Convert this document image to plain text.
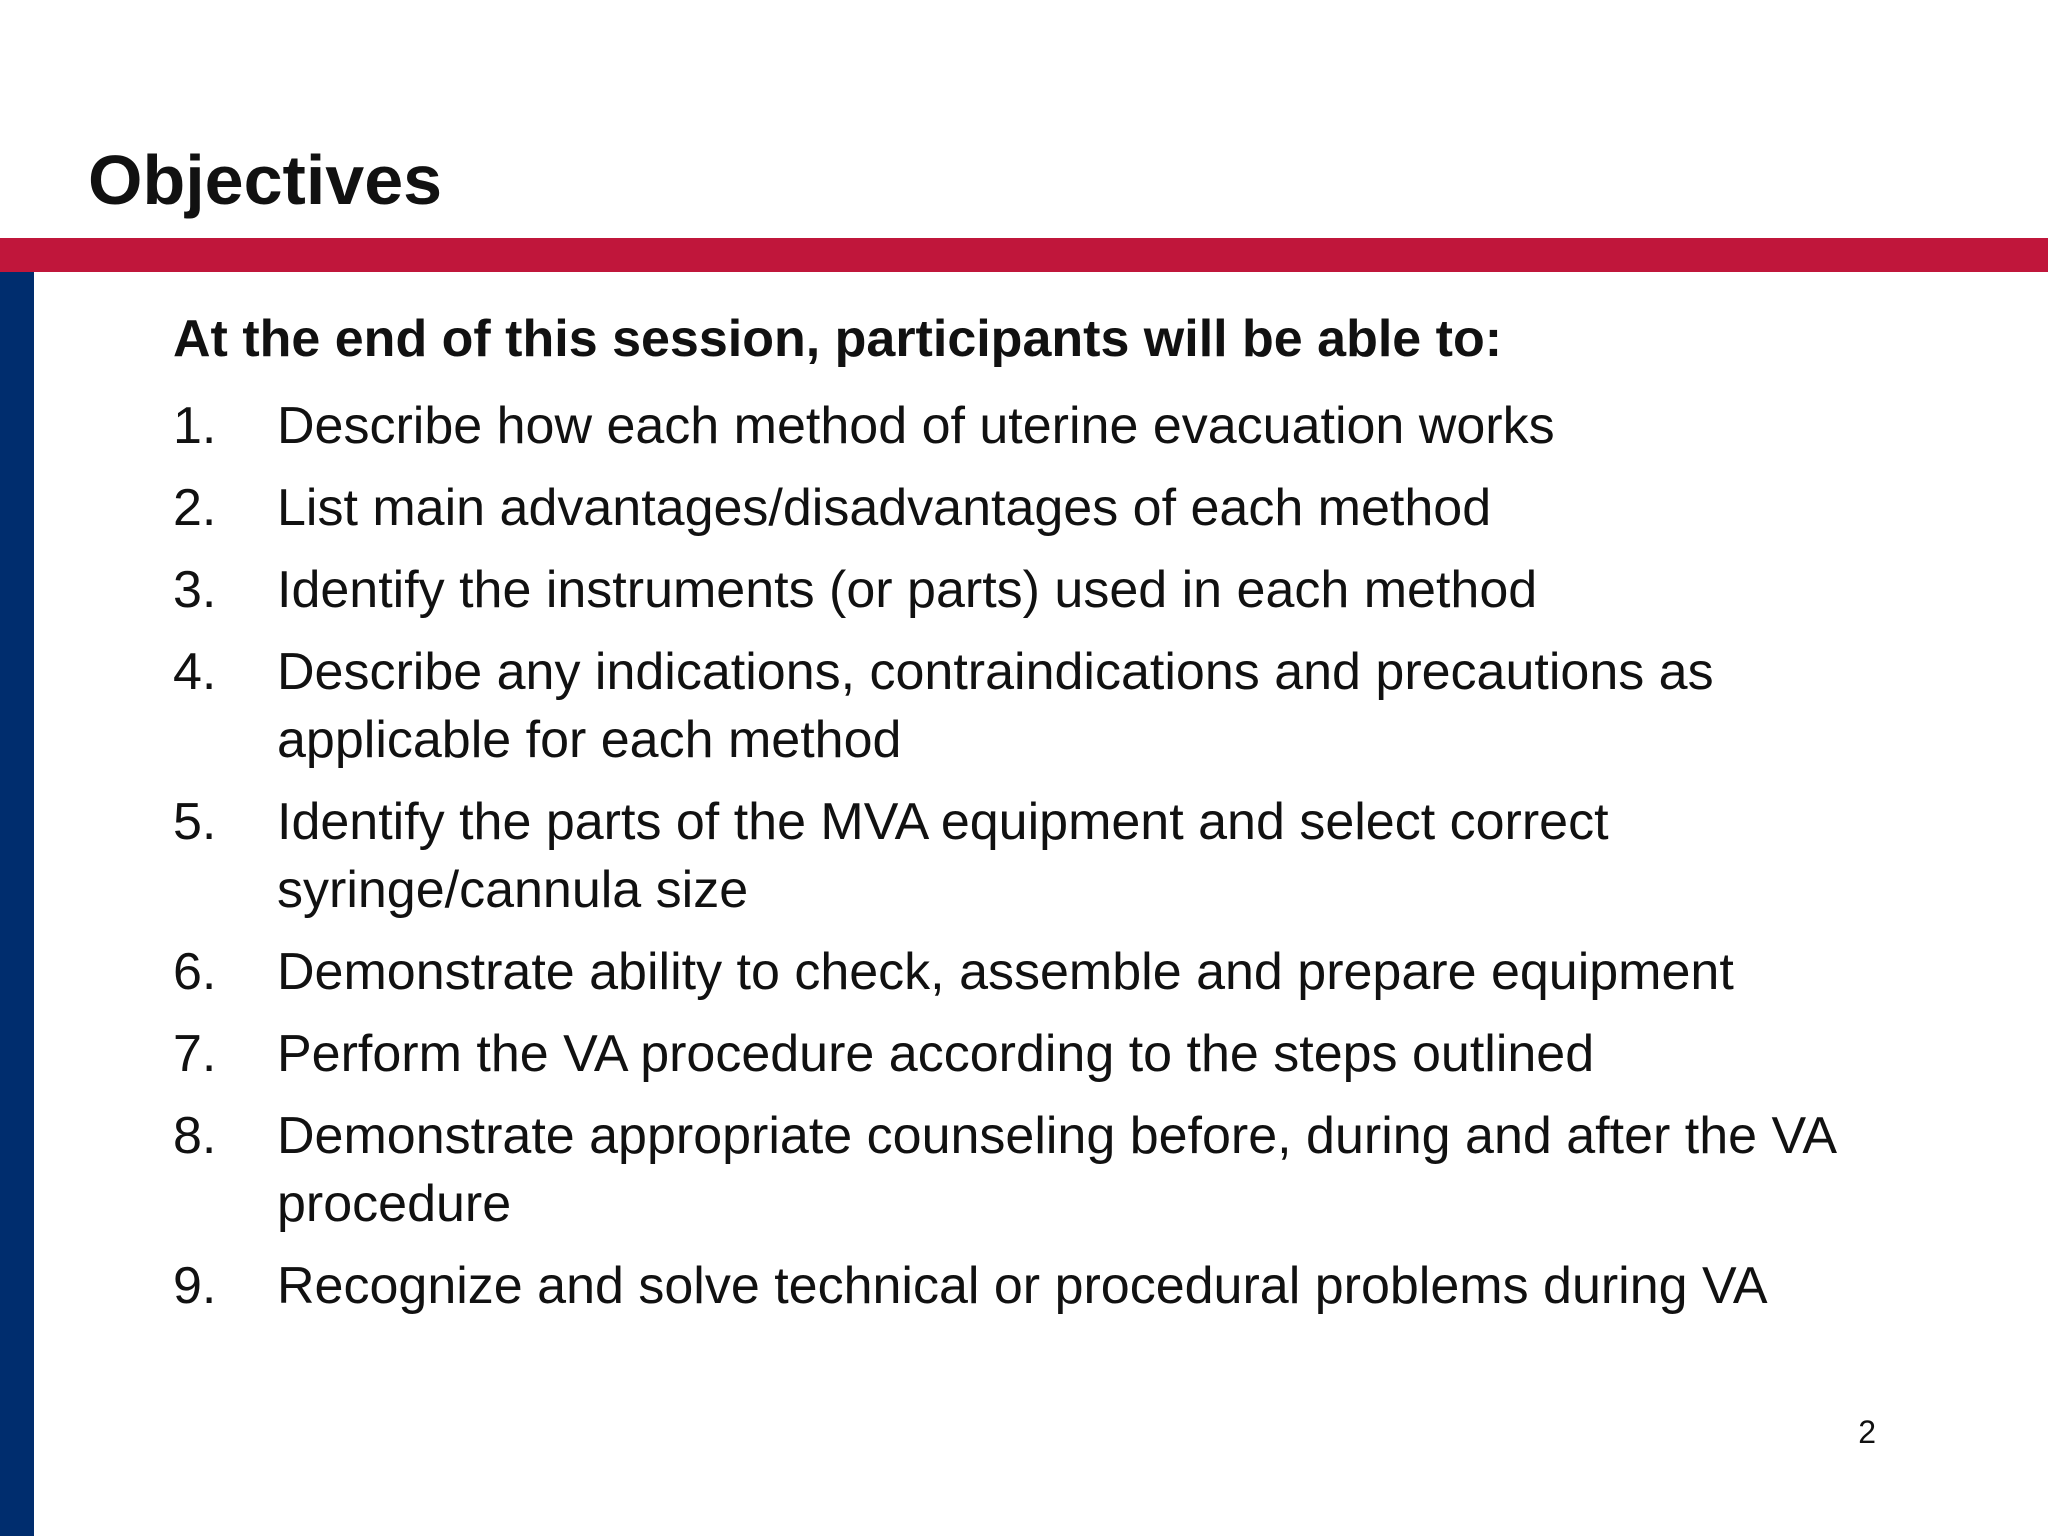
Objectives

At the end of this session, participants will be able to:

1.	Describe how each method of uterine evacuation works
2.	List main advantages/disadvantages of each method
3.	Identify the instruments (or parts) used in each method
4.	Describe any indications, contraindications and precautions as applicable for each method
5.	Identify the parts of the MVA equipment and select correct syringe/cannula size
6.	Demonstrate ability to check, assemble and prepare equipment
7.	Perform the VA procedure according to the steps outlined
8.	Demonstrate appropriate counseling before, during and after the VA procedure
9.	Recognize and solve technical or procedural problems during VA
2
